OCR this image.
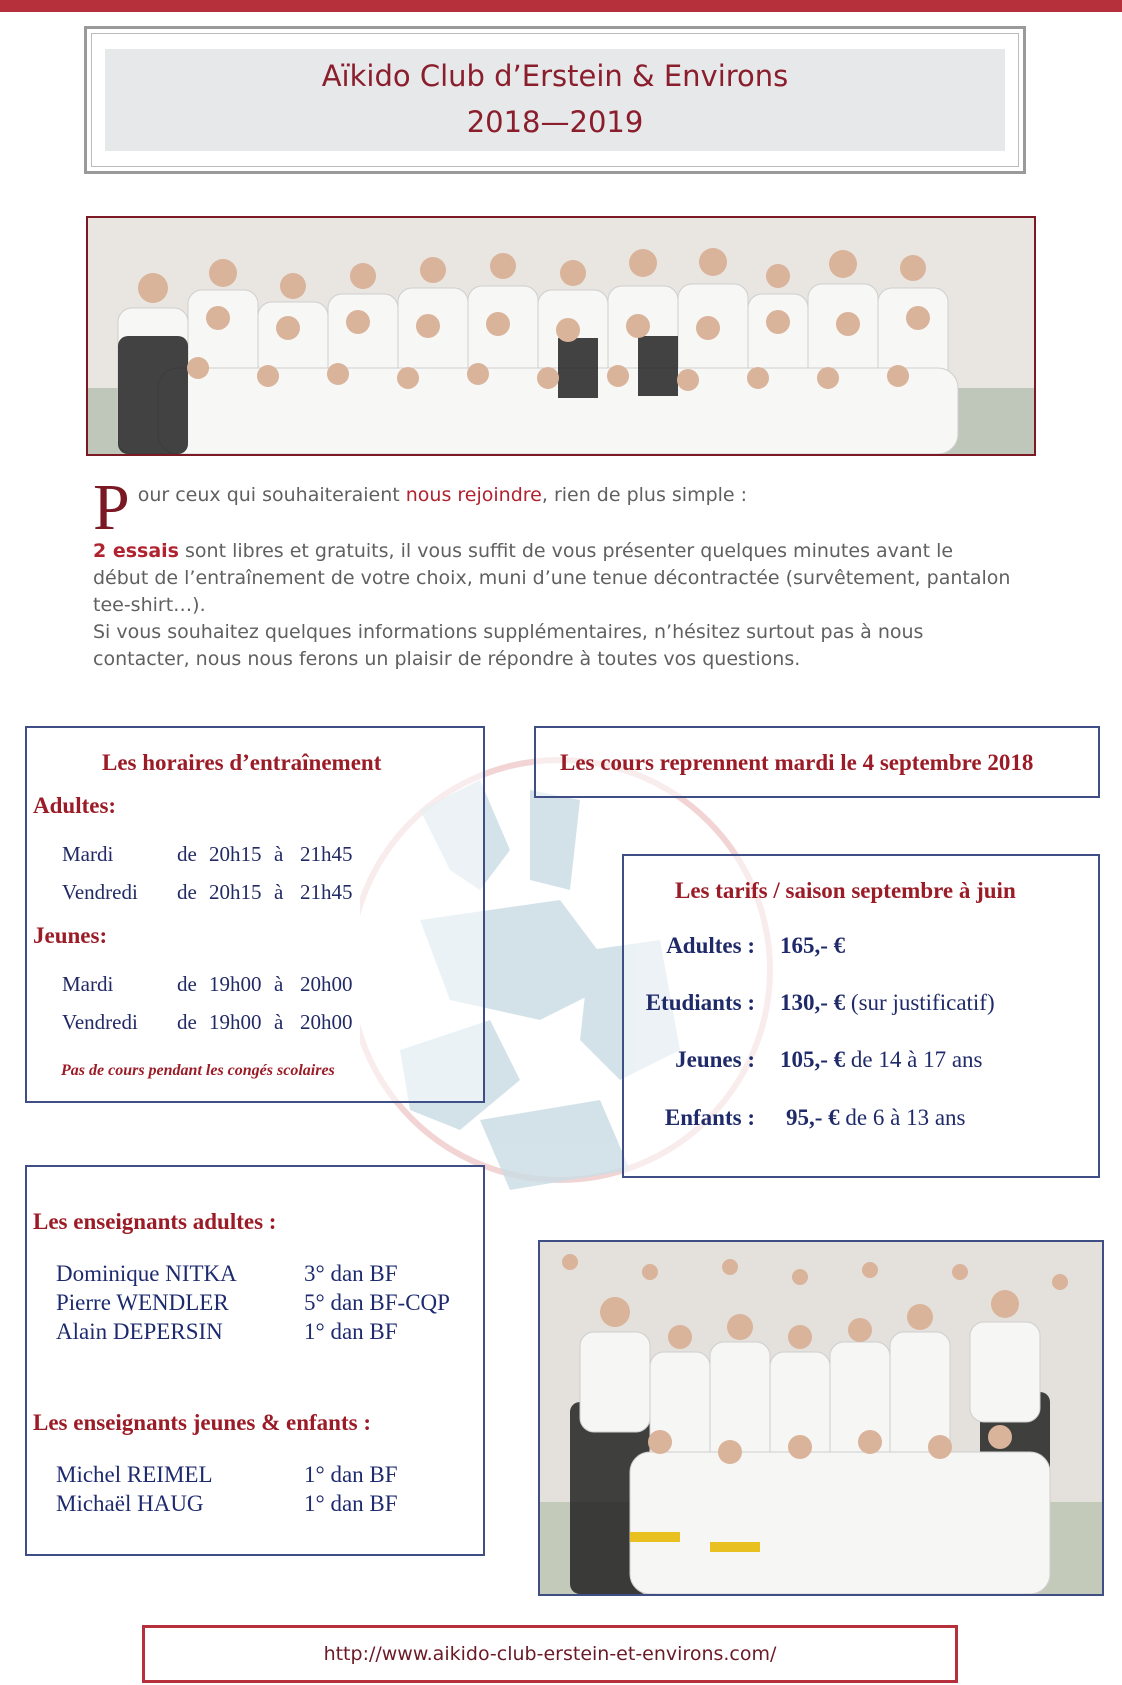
Aïkido Club d’Erstein & Environs
2018—2019
Pour ceux qui souhaiteraient nous rejoindre, rien de plus simple :
2 essais sont libres et gratuits, il vous suffit de vous présenter quelques minutes avant le début de l’entraînement de votre choix, muni d’une tenue décontractée (survêtement, pantalon tee-shirt…).
Si vous souhaitez quelques informations supplémentaires, n’hésitez surtout pas à nous contacter, nous nous ferons un plaisir de répondre à toutes vos questions.
Les horaires d’entraînement
Adultes:
Mardi	de 20h15 à 21h45
Vendredi de 20h15 à 21h45
Jeunes:
Mardi	de 19h00 à 20h00
Vendredi de 19h00 à 20h00
Pas de cours pendant les congés scolaires
Les cours reprennent mardi le 4 septembre 2018
Les tarifs / saison septembre à juin
Adultes : 165,- €
Etudiants : 130,- € (sur justificatif)
Jeunes : 105,- € de 14 à 17 ans
Enfants : 95,- € de 6 à 13 ans
Les enseignants adultes :
Dominique NITKA	3° dan BF
Pierre WENDLER	5° dan BF-CQP
Alain DEPERSIN	1° dan BF
Les enseignants jeunes & enfants :
Michel REIMEL	1° dan BF
Michaël HAUG	1° dan BF
http://www.aikido-club-erstein-et-environs.com/
